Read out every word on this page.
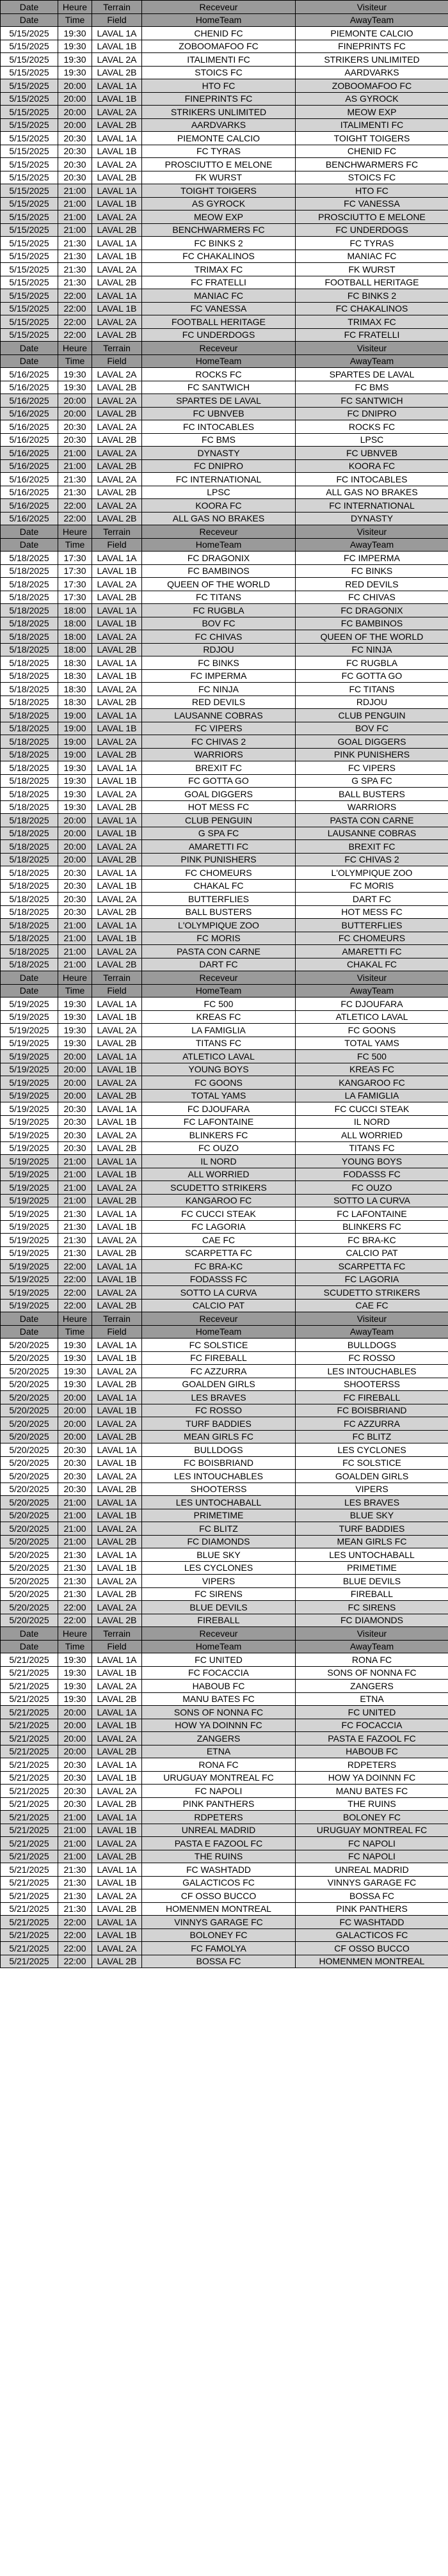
Date	Heure	Terrain	Receveur	Visiteur
Date	Time	Field	HomeTeam	AwayTeam
5/15/2025	19:30	LAVAL 1A	CHENID FC	PIEMONTE CALCIO
5/15/2025	19:30	LAVAL 1B	ZOBOOMAFOO FC	FINEPRINTS FC
5/15/2025	19:30	LAVAL 2A	ITALIMENTI FC	STRIKERS UNLIMITED
5/15/2025	19:30	LAVAL 2B	STOICS FC	AARDVARKS
5/15/2025	20:00	LAVAL 1A	HTO FC	ZOBOOMAFOO FC
5/15/2025	20:00	LAVAL 1B	FINEPRINTS FC	AS GYROCK
5/15/2025	20:00	LAVAL 2A	STRIKERS UNLIMITED	MEOW EXP
5/15/2025	20:00	LAVAL 2B	AARDVARKS	ITALIMENTI FC
5/15/2025	20:30	LAVAL 1A	PIEMONTE CALCIO	TOIGHT TOIGERS
5/15/2025	20:30	LAVAL 1B	FC TYRAS	CHENID FC
5/15/2025	20:30	LAVAL 2A	PROSCIUTTO E MELONE	BENCHWARMERS FC
5/15/2025	20:30	LAVAL 2B	FK WURST	STOICS FC
5/15/2025	21:00	LAVAL 1A	TOIGHT TOIGERS	HTO FC
5/15/2025	21:00	LAVAL 1B	AS GYROCK	FC VANESSA
5/15/2025	21:00	LAVAL 2A	MEOW EXP	PROSCIUTTO E MELONE
5/15/2025	21:00	LAVAL 2B	BENCHWARMERS FC	FC UNDERDOGS
5/15/2025	21:30	LAVAL 1A	FC BINKS 2	FC TYRAS
5/15/2025	21:30	LAVAL 1B	FC CHAKALINOS	MANIAC FC
5/15/2025	21:30	LAVAL 2A	TRIMAX FC	FK WURST
5/15/2025	21:30	LAVAL 2B	FC FRATELLI	FOOTBALL HERITAGE
5/15/2025	22:00	LAVAL 1A	MANIAC FC	FC BINKS 2
5/15/2025	22:00	LAVAL 1B	FC VANESSA	FC CHAKALINOS
5/15/2025	22:00	LAVAL 2A	FOOTBALL HERITAGE	TRIMAX FC
5/15/2025	22:00	LAVAL 2B	FC UNDERDOGS	FC FRATELLI
Date	Heure	Terrain	Receveur	Visiteur
Date	Time	Field	HomeTeam	AwayTeam
5/16/2025	19:30	LAVAL 2A	ROCKS FC	SPARTES DE LAVAL
5/16/2025	19:30	LAVAL 2B	FC SANTWICH	FC BMS
5/16/2025	20:00	LAVAL 2A	SPARTES DE LAVAL	FC SANTWICH
5/16/2025	20:00	LAVAL 2B	FC UBNVEB	FC DNIPRO
5/16/2025	20:30	LAVAL 2A	FC INTOCABLES	ROCKS FC
5/16/2025	20:30	LAVAL 2B	FC BMS	LPSC
5/16/2025	21:00	LAVAL 2A	DYNASTY	FC UBNVEB
5/16/2025	21:00	LAVAL 2B	FC DNIPRO	KOORA FC
5/16/2025	21:30	LAVAL 2A	FC INTERNATIONAL	FC INTOCABLES
5/16/2025	21:30	LAVAL 2B	LPSC	ALL GAS NO BRAKES
5/16/2025	22:00	LAVAL 2A	KOORA FC	FC INTERNATIONAL
5/16/2025	22:00	LAVAL 2B	ALL GAS NO BRAKES	DYNASTY
Date	Heure	Terrain	Receveur	Visiteur
Date	Time	Field	HomeTeam	AwayTeam
5/18/2025	17:30	LAVAL 1A	FC DRAGONIX	FC IMPERMA
5/18/2025	17:30	LAVAL 1B	FC BAMBINOS	FC BINKS
5/18/2025	17:30	LAVAL 2A	QUEEN OF THE WORLD	RED DEVILS
5/18/2025	17:30	LAVAL 2B	FC TITANS	FC CHIVAS
5/18/2025	18:00	LAVAL 1A	FC RUGBLA	FC DRAGONIX
5/18/2025	18:00	LAVAL 1B	BOV FC	FC BAMBINOS
5/18/2025	18:00	LAVAL 2A	FC CHIVAS	QUEEN OF THE WORLD
5/18/2025	18:00	LAVAL 2B	RDJOU	FC NINJA
5/18/2025	18:30	LAVAL 1A	FC BINKS	FC RUGBLA
5/18/2025	18:30	LAVAL 1B	FC IMPERMA	FC GOTTA GO
5/18/2025	18:30	LAVAL 2A	FC NINJA	FC TITANS
5/18/2025	18:30	LAVAL 2B	RED DEVILS	RDJOU
5/18/2025	19:00	LAVAL 1A	LAUSANNE COBRAS	CLUB PENGUIN
5/18/2025	19:00	LAVAL 1B	FC VIPERS	BOV FC
5/18/2025	19:00	LAVAL 2A	FC CHIVAS 2	GOAL DIGGERS
5/18/2025	19:00	LAVAL 2B	WARRIORS	PINK PUNISHERS
5/18/2025	19:30	LAVAL 1A	BREXIT FC	FC VIPERS
5/18/2025	19:30	LAVAL 1B	FC GOTTA GO	G SPA FC
5/18/2025	19:30	LAVAL 2A	GOAL DIGGERS	BALL BUSTERS
5/18/2025	19:30	LAVAL 2B	HOT MESS FC	WARRIORS
5/18/2025	20:00	LAVAL 1A	CLUB PENGUIN	PASTA CON CARNE
5/18/2025	20:00	LAVAL 1B	G SPA FC	LAUSANNE COBRAS
5/18/2025	20:00	LAVAL 2A	AMARETTI FC	BREXIT FC
5/18/2025	20:00	LAVAL 2B	PINK PUNISHERS	FC CHIVAS 2
5/18/2025	20:30	LAVAL 1A	FC CHOMEURS	L'OLYMPIQUE ZOO
5/18/2025	20:30	LAVAL 1B	CHAKAL FC	FC MORIS
5/18/2025	20:30	LAVAL 2A	BUTTERFLIES	DART FC
5/18/2025	20:30	LAVAL 2B	BALL BUSTERS	HOT MESS FC
5/18/2025	21:00	LAVAL 1A	L'OLYMPIQUE ZOO	BUTTERFLIES
5/18/2025	21:00	LAVAL 1B	FC MORIS	FC CHOMEURS
5/18/2025	21:00	LAVAL 2A	PASTA CON CARNE	AMARETTI FC
5/18/2025	21:00	LAVAL 2B	DART FC	CHAKAL FC
Date	Heure	Terrain	Receveur	Visiteur
Date	Time	Field	HomeTeam	AwayTeam
5/19/2025	19:30	LAVAL 1A	FC 500	FC DJOUFARA
5/19/2025	19:30	LAVAL 1B	KREAS FC	ATLETICO LAVAL
5/19/2025	19:30	LAVAL 2A	LA FAMIGLIA	FC GOONS
5/19/2025	19:30	LAVAL 2B	TITANS FC	TOTAL YAMS
5/19/2025	20:00	LAVAL 1A	ATLETICO LAVAL	FC 500
5/19/2025	20:00	LAVAL 1B	YOUNG BOYS	KREAS FC
5/19/2025	20:00	LAVAL 2A	FC GOONS	KANGAROO FC
5/19/2025	20:00	LAVAL 2B	TOTAL YAMS	LA FAMIGLIA
5/19/2025	20:30	LAVAL 1A	FC DJOUFARA	FC CUCCI STEAK
5/19/2025	20:30	LAVAL 1B	FC LAFONTAINE	IL NORD
5/19/2025	20:30	LAVAL 2A	BLINKERS FC	ALL WORRIED
5/19/2025	20:30	LAVAL 2B	FC OUZO	TITANS FC
5/19/2025	21:00	LAVAL 1A	IL NORD	YOUNG BOYS
5/19/2025	21:00	LAVAL 1B	ALL WORRIED	FODASSS FC
5/19/2025	21:00	LAVAL 2A	SCUDETTO STRIKERS	FC OUZO
5/19/2025	21:00	LAVAL 2B	KANGAROO FC	SOTTO LA CURVA
5/19/2025	21:30	LAVAL 1A	FC CUCCI STEAK	FC LAFONTAINE
5/19/2025	21:30	LAVAL 1B	FC LAGORIA	BLINKERS FC
5/19/2025	21:30	LAVAL 2A	CAE FC	FC BRA-KC
5/19/2025	21:30	LAVAL 2B	SCARPETTA FC	CALCIO PAT
5/19/2025	22:00	LAVAL 1A	FC BRA-KC	SCARPETTA FC
5/19/2025	22:00	LAVAL 1B	FODASSS FC	FC LAGORIA
5/19/2025	22:00	LAVAL 2A	SOTTO LA CURVA	SCUDETTO STRIKERS
5/19/2025	22:00	LAVAL 2B	CALCIO PAT	CAE FC
Date	Heure	Terrain	Receveur	Visiteur
Date	Time	Field	HomeTeam	AwayTeam
5/20/2025	19:30	LAVAL 1A	FC SOLSTICE	BULLDOGS
5/20/2025	19:30	LAVAL 1B	FC FIREBALL	FC ROSSO
5/20/2025	19:30	LAVAL 2A	FC AZZURRA	LES INTOUCHABLES
5/20/2025	19:30	LAVAL 2B	GOALDEN GIRLS	SHOOTERSS
5/20/2025	20:00	LAVAL 1A	LES BRAVES	FC FIREBALL
5/20/2025	20:00	LAVAL 1B	FC ROSSO	FC BOISBRIAND
5/20/2025	20:00	LAVAL 2A	TURF BADDIES	FC AZZURRA
5/20/2025	20:00	LAVAL 2B	MEAN GIRLS FC	FC BLITZ
5/20/2025	20:30	LAVAL 1A	BULLDOGS	LES CYCLONES
5/20/2025	20:30	LAVAL 1B	FC BOISBRIAND	FC SOLSTICE
5/20/2025	20:30	LAVAL 2A	LES INTOUCHABLES	GOALDEN GIRLS
5/20/2025	20:30	LAVAL 2B	SHOOTERSS	VIPERS
5/20/2025	21:00	LAVAL 1A	LES UNTOCHABALL	LES BRAVES
5/20/2025	21:00	LAVAL 1B	PRIMETIME	BLUE SKY
5/20/2025	21:00	LAVAL 2A	FC BLITZ	TURF BADDIES
5/20/2025	21:00	LAVAL 2B	FC DIAMONDS	MEAN GIRLS FC
5/20/2025	21:30	LAVAL 1A	BLUE SKY	LES UNTOCHABALL
5/20/2025	21:30	LAVAL 1B	LES CYCLONES	PRIMETIME
5/20/2025	21:30	LAVAL 2A	VIPERS	BLUE DEVILS
5/20/2025	21:30	LAVAL 2B	FC SIRENS	FIREBALL
5/20/2025	22:00	LAVAL 2A	BLUE DEVILS	FC SIRENS
5/20/2025	22:00	LAVAL 2B	FIREBALL	FC DIAMONDS
Date	Heure	Terrain	Receveur	Visiteur
Date	Time	Field	HomeTeam	AwayTeam
5/21/2025	19:30	LAVAL 1A	FC UNITED	RONA FC
5/21/2025	19:30	LAVAL 1B	FC FOCACCIA	SONS OF NONNA FC
5/21/2025	19:30	LAVAL 2A	HABOUB FC	ZANGERS
5/21/2025	19:30	LAVAL 2B	MANU BATES FC	ETNA
5/21/2025	20:00	LAVAL 1A	SONS OF NONNA FC	FC UNITED
5/21/2025	20:00	LAVAL 1B	HOW YA DOINNN FC	FC FOCACCIA
5/21/2025	20:00	LAVAL 2A	ZANGERS	PASTA E FAZOOL FC
5/21/2025	20:00	LAVAL 2B	ETNA	HABOUB FC
5/21/2025	20:30	LAVAL 1A	RONA FC	RDPETERS
5/21/2025	20:30	LAVAL 1B	URUGUAY MONTREAL FC	HOW YA DOINNN FC
5/21/2025	20:30	LAVAL 2A	FC NAPOLI	MANU BATES FC
5/21/2025	20:30	LAVAL 2B	PINK PANTHERS	THE RUINS
5/21/2025	21:00	LAVAL 1A	RDPETERS	BOLONEY FC
5/21/2025	21:00	LAVAL 1B	UNREAL MADRID	URUGUAY MONTREAL FC
5/21/2025	21:00	LAVAL 2A	PASTA E FAZOOL FC	FC NAPOLI
5/21/2025	21:00	LAVAL 2B	THE RUINS	FC NAPOLI
5/21/2025	21:30	LAVAL 1A	FC WASHTADD	UNREAL MADRID
5/21/2025	21:30	LAVAL 1B	GALACTICOS FC	VINNYS GARAGE FC
5/21/2025	21:30	LAVAL 2A	CF OSSO BUCCO	BOSSA FC
5/21/2025	21:30	LAVAL 2B	HOMENMEN MONTREAL	PINK PANTHERS
5/21/2025	22:00	LAVAL 1A	VINNYS GARAGE FC	FC WASHTADD
5/21/2025	22:00	LAVAL 1B	BOLONEY FC	GALACTICOS FC
5/21/2025	22:00	LAVAL 2A	FC FAMOLYA	CF OSSO BUCCO
5/21/2025	22:00	LAVAL 2B	BOSSA FC	HOMENMEN MONTREAL
